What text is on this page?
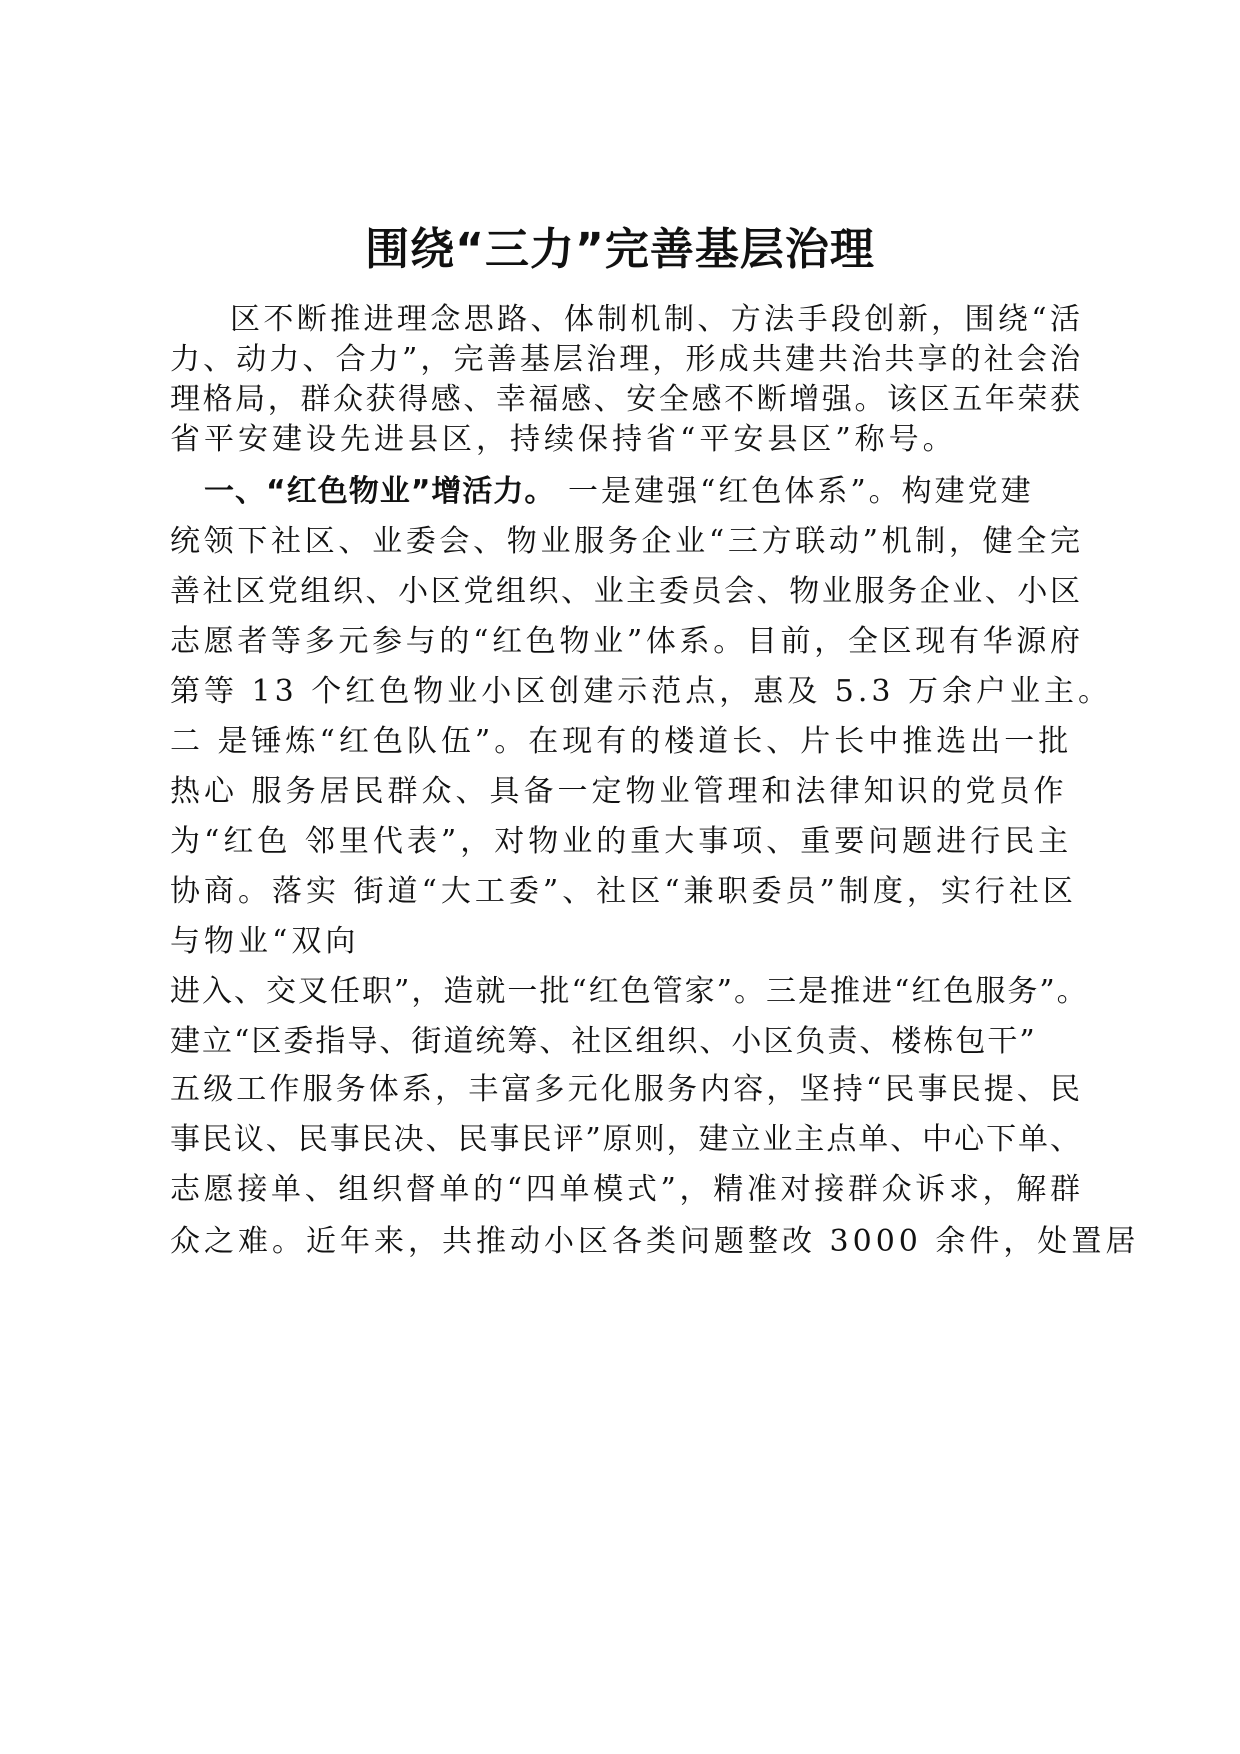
围绕“三力”完善基层治理

区不断推进理念思路、体制机制、方法手段创新，围绕“活

力、动力、合力”，完善基层治理，形成共建共治共享的社会治

理格局，群众获得感、幸福感、安全感不断增强。该区五年荣获

省平安建设先进县区，持续保持省“平安县区”称号。

一、“红色物业”增活力。 一是建强“红色体系”。构建党建

统领下社区、业委会、物业服务企业“三方联动”机制，健全完

善社区党组织、小区党组织、业主委员会、物业服务企业、小区

志愿者等多元参与的“红色物业”体系。目前，全区现有华源府

第等 13 个红色物业小区创建示范点，惠及 5.3 万余户业主。

二 是锤炼“红色队伍”。在现有的楼道长、片长中推选出一批

热心 服务居民群众、具备一定物业管理和法律知识的党员作

为“红色 邻里代表”，对物业的重大事项、重要问题进行民主

协商。落实 街道“大工委”、社区“兼职委员”制度，实行社区

与物业“双向

进入、交叉任职”，造就一批“红色管家”。三是推进“红色服务”。

建立“区委指导、街道统筹、社区组织、小区负责、楼栋包干”

五级工作服务体系，丰富多元化服务内容，坚持“民事民提、民

事民议、民事民决、民事民评”原则，建立业主点单、中心下单、

志愿接单、组织督单的“四单模式”，精准对接群众诉求，解群

众之难。近年来，共推动小区各类问题整改 3000 余件，处置居
